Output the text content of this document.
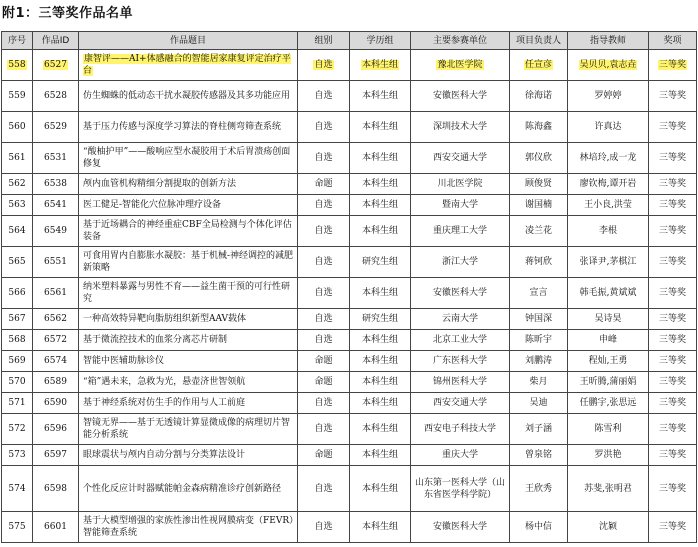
附1：三等奖作品名单
序号	作品ID	作品题目	组别	学历组	主要参赛单位	项目负责人	指导教师	奖项
558	6527	康智评——AI+体感融合的智能居家康复评定治疗平台	自选	本科生组	豫北医学院	任宣彦	吴贝贝,袁志垚	三等奖
559	6528	仿生蜘蛛的低动态干扰水凝胶传感器及其多功能应用	自选	本科生组	安徽医科大学	徐海诺	罗婷婷	三等奖
560	6529	基于压力传感与深度学习算法的脊柱侧弯筛查系统	自选	本科生组	深圳技术大学	陈海鑫	许真达	三等奖
561	6531	“酸柚护甲”——酸响应型水凝胶用于术后胃溃疡创面修复	自选	本科生组	西安交通大学	郭仪欣	林培玲,成一龙	三等奖
562	6538	颅内血管机构精细分割提取的创新方法	命题	本科生组	川北医学院	顾俊贤	廖钦梅,谭开岩	三等奖
563	6541	医工健足-智能化穴位脉冲理疗设备	自选	本科生组	暨南大学	谢国楠	王小良,洪莹	三等奖
564	6549	基于近场耦合的神经重症CBF全局检测与个体化评估装备	自选	本科生组	重庆理工大学	凌兰花	李根	三等奖
565	6551	可食用胃内自膨胀水凝胶：基于机械-神经调控的减肥新策略	自选	研究生组	浙江大学	蒋钶欣	张译尹,茅棋江	三等奖
566	6561	纳米塑料暴露与男性不育——益生菌干预的可行性研究	自选	本科生组	安徽医科大学	宣言	韩毛振,黄斌斌	三等奖
567	6562	一种高效特异靶向脂肪组织新型AAV载体	自选	研究生组	云南大学	钟国深	吴诗昊	三等奖
568	6572	基于微流控技术的血浆分离芯片研制	自选	本科生组	北京工业大学	陈昕宇	申峰	三等奖
569	6574	智能中医辅助脉诊仪	命题	本科生组	广东医科大学	刘鹏涛	程灿,王勇	三等奖
570	6589	“箱”遇未来，急救为光，悬壶济世智领航	命题	本科生组	锦州医科大学	柴月	王昕腾,蒲丽娟	三等奖
571	6590	基于神经系统对仿生手的作用与人工前庭	自选	本科生组	西安交通大学	吴迪	任鹏宇,张思远	三等奖
572	6596	智镜无界——基于无透镜计算显微成像的病理切片智能分析系统	自选	本科生组	西安电子科技大学	刘子涵	陈雪利	三等奖
573	6597	眼球震状与颅内自动分割与分类算法设计	命题	本科生组	重庆大学	曾泉铭	罗洪艳	三等奖
574	6598	个性化反应计时器赋能帕金森病精准诊疗创新路径	自选	本科生组	山东第一医科大学（山东省医学科学院）	王欣秀	苏斐,张明君	三等奖
575	6601	基于大模型增强的家族性渗出性视网膜病变（FEVR）智能筛查系统	自选	本科生组	安徽医科大学	杨中信	沈颖	三等奖
